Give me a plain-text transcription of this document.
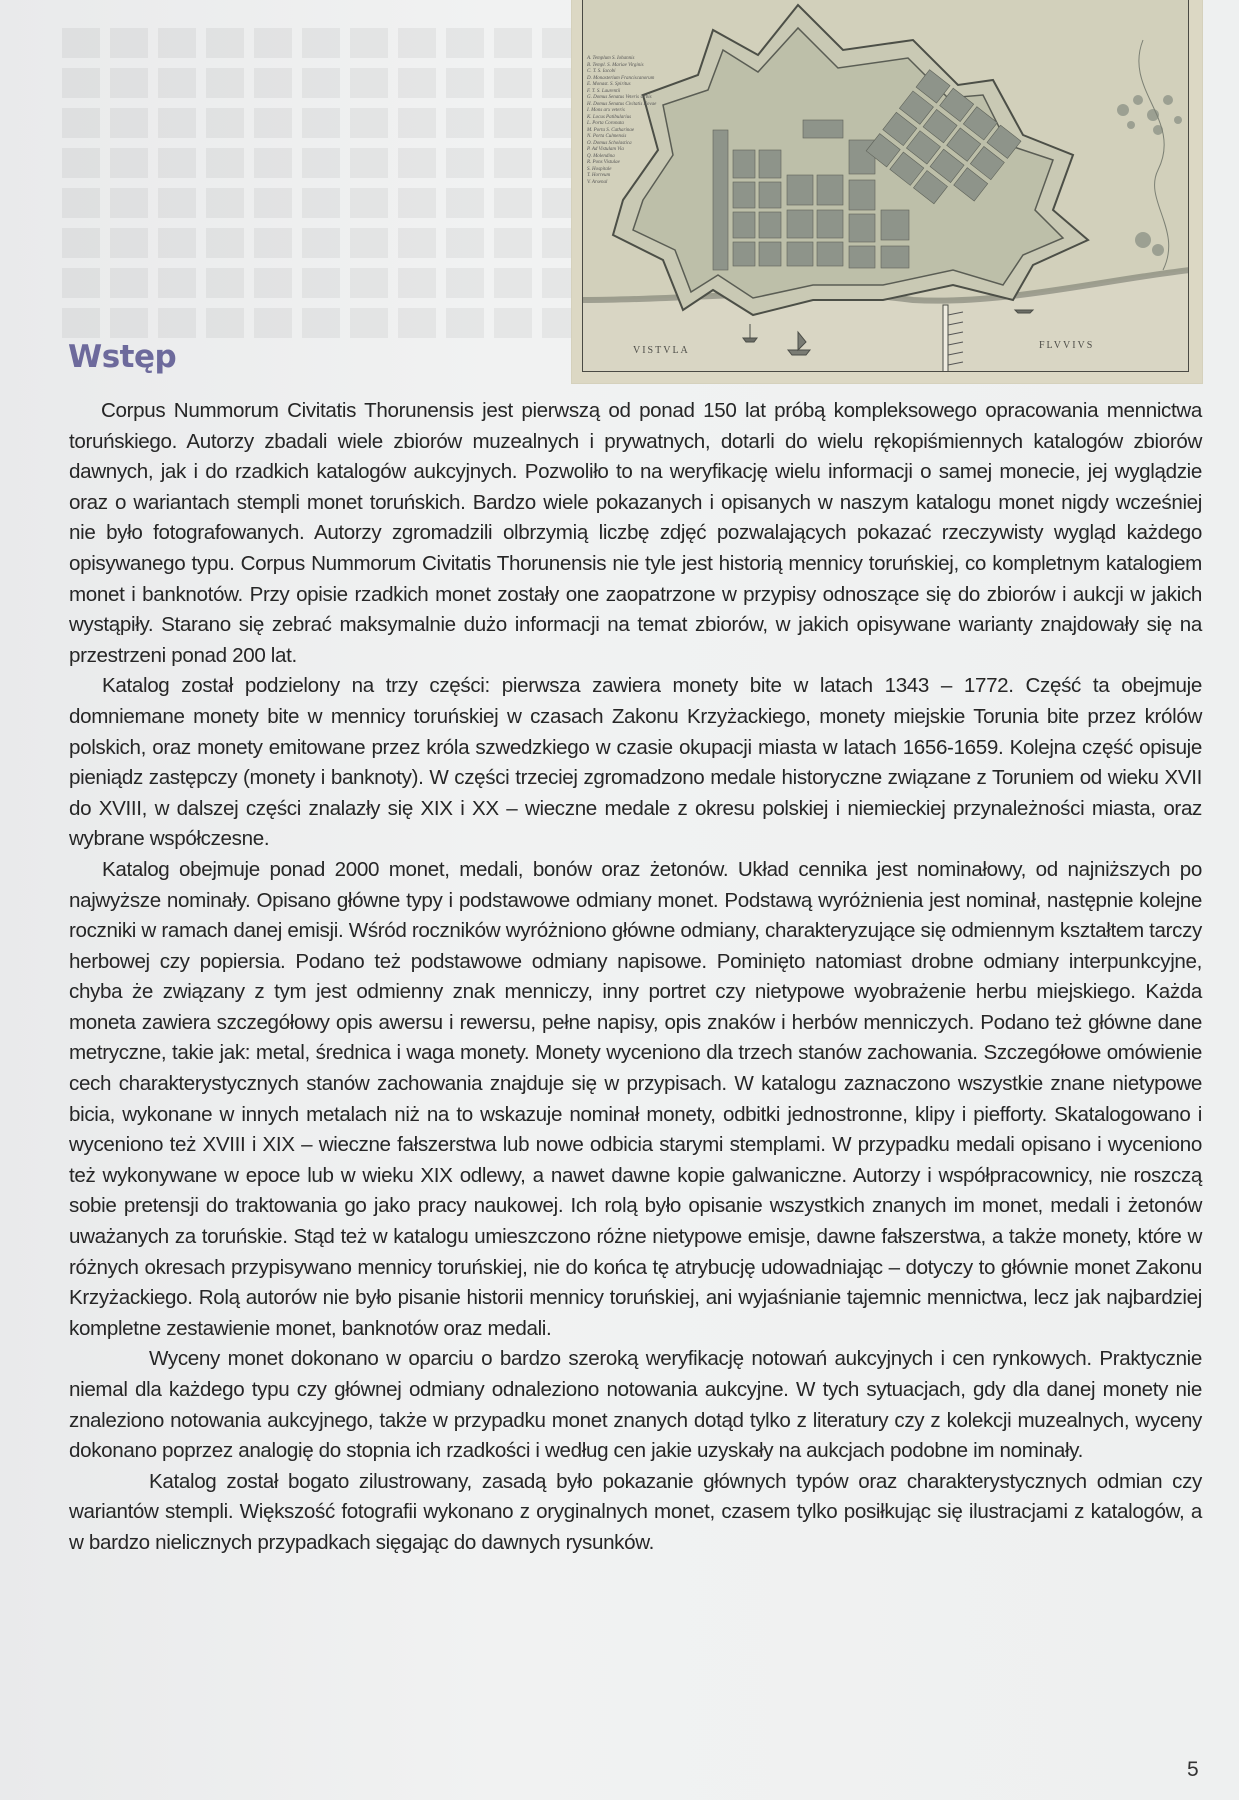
A. Templum S. Iohannis
B. Templ. S. Mariae Virginis
C. T. S. Iacobi
D. Monasterium Franciscanorum
E. Monast. S. Spiritus
F. T. S. Laurentii
G. Domus Senatus Veteris Urbis
H. Domus Senatus Civitatis Novae
I. Mons arx veteris
K. Locus Patibularius
L. Porta Coronata
M. Porta S. Catharinae
N. Porta Culmensis
O. Domus Scholastica
P. Ad Vistulam Via
Q. Molendina
R. Pons Vistulae
S. Hospitale
T. Horreum
V. Arsenal
VISTVLA	FLVVIVS
Wstęp

Corpus Nummorum Civitatis Thorunensis jest pierwszą od ponad 150 lat próbą kompleksowego opracowania mennictwa toruńskiego. Autorzy zbadali wiele zbiorów muzealnych i prywatnych, dotarli do wielu rękopiśmiennych katalogów zbiorów dawnych, jak i do rzadkich katalogów aukcyjnych. Pozwoliło to na weryfikację wielu informacji o samej monecie, jej wyglądzie oraz o wariantach stempli monet toruńskich. Bardzo wiele pokazanych i opisanych w naszym katalogu monet nigdy wcześniej nie było fotografowanych. Autorzy zgromadzili olbrzymią liczbę zdjęć pozwalających pokazać rzeczywisty wygląd każdego opisywanego typu. Corpus Nummorum Civitatis Thorunensis nie tyle jest historią mennicy toruńskiej, co kompletnym katalogiem monet i banknotów. Przy opisie rzadkich monet zostały one zaopatrzone w przypisy odnoszące się do zbiorów i aukcji w jakich wystąpiły. Starano się zebrać maksymalnie dużo informacji na temat zbiorów, w jakich opisywane warianty znajdowały się na przestrzeni ponad 200 lat.

Katalog został podzielony na trzy części: pierwsza zawiera monety bite w latach 1343 – 1772. Część ta obejmuje domniemane monety bite w mennicy toruńskiej w czasach Zakonu Krzyżackiego, monety miejskie Torunia bite przez królów polskich, oraz monety emitowane przez króla szwedzkiego w czasie okupacji miasta w latach 1656-1659. Kolejna część opisuje pieniądz zastępczy (monety i banknoty). W części trzeciej zgromadzono medale historyczne związane z Toruniem od wieku XVII do XVIII, w dalszej części znalazły się XIX i XX – wieczne medale z okresu polskiej i niemieckiej przynależności miasta, oraz wybrane współczesne.

Katalog obejmuje ponad 2000 monet, medali, bonów oraz żetonów. Układ cennika jest nominałowy, od najniższych po najwyższe nominały. Opisano główne typy i podstawowe odmiany monet. Podstawą wyróżnienia jest nominał, następnie kolejne roczniki w ramach danej emisji. Wśród roczników wyróżniono główne odmiany, charakteryzujące się odmiennym kształtem tarczy herbowej czy popiersia. Podano też podstawowe odmiany napisowe. Pominięto natomiast drobne odmiany interpunkcyjne, chyba że związany z tym jest odmienny znak menniczy, inny portret czy nietypowe wyobrażenie herbu miejskiego. Każda moneta zawiera szczegółowy opis awersu i rewersu, pełne napisy, opis znaków i herbów menniczych. Podano też główne dane metryczne, takie jak: metal, średnica i waga monety. Monety wyceniono dla trzech stanów zachowania. Szczegółowe omówienie cech charakterystycznych stanów zachowania znajduje się w przypisach. W katalogu zaznaczono wszystkie znane nietypowe bicia, wykonane w innych metalach niż na to wskazuje nominał monety, odbitki jednostronne, klipy i piefforty. Skatalogowano i wyceniono też XVIII i XIX – wieczne fałszerstwa lub nowe odbicia starymi stemplami. W przypadku medali opisano i wyceniono też wykonywane w epoce lub w wieku XIX odlewy, a nawet dawne kopie galwaniczne. Autorzy i współpracownicy, nie roszczą sobie pretensji do traktowania go jako pracy naukowej. Ich rolą było opisanie wszystkich znanych im monet, medali i żetonów uważanych za toruńskie. Stąd też w katalogu umieszczono różne nietypowe emisje, dawne fałszerstwa, a także monety, które w różnych okresach przypisywano mennicy toruńskiej, nie do końca tę atrybucję udowadniając – dotyczy to głównie monet Zakonu Krzyżackiego. Rolą autorów nie było pisanie historii mennicy toruńskiej, ani wyjaśnianie tajemnic mennictwa, lecz jak najbardziej kompletne zestawienie monet, banknotów oraz medali.

Wyceny monet dokonano w oparciu o bardzo szeroką weryfikację notowań aukcyjnych i cen rynkowych. Praktycznie niemal dla każdego typu czy głównej odmiany odnaleziono notowania aukcyjne. W tych sytuacjach, gdy dla danej monety nie znaleziono notowania aukcyjnego, także w przypadku monet znanych dotąd tylko z literatury czy z kolekcji muzealnych, wyceny dokonano poprzez analogię do stopnia ich rzadkości i według cen jakie uzyskały na aukcjach podobne im nominały.

Katalog został bogato zilustrowany, zasadą było pokazanie głównych typów oraz charakterystycznych odmian czy wariantów stempli. Większość fotografii wykonano z oryginalnych monet, czasem tylko posiłkując się ilustracjami z katalogów, a w bardzo nielicznych przypadkach sięgając do dawnych rysunków.

5
